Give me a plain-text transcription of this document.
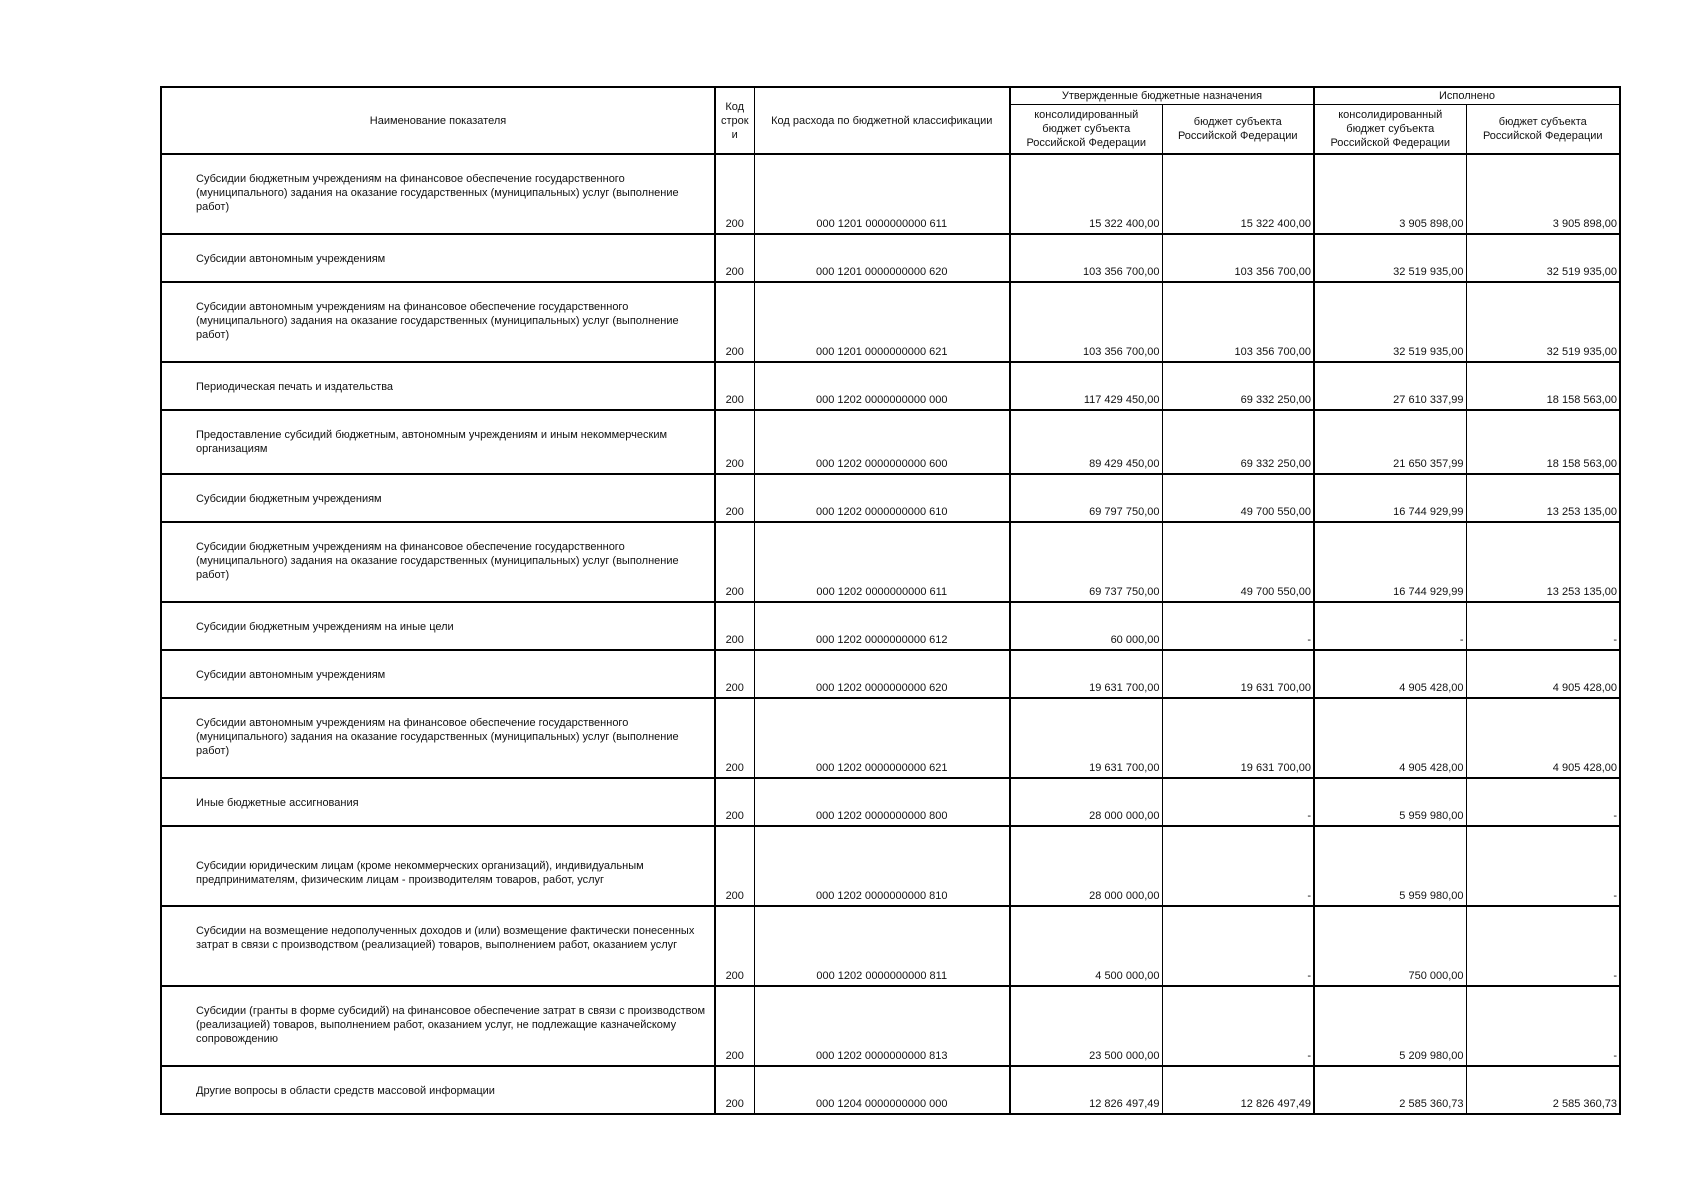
Наименование показателя	Код строк и	Код расхода по бюджетной классификации	Утвержденные бюджетные назначения		Исполнено	
			консолидированный бюджет субъекта Российской Федерации	бюджет субъекта Российской Федерации	консолидированный бюджет субъекта Российской Федерации	бюджет субъекта Российской Федерации
Субсидии бюджетным учреждениям на финансовое обеспечение государственного (муниципального) задания на оказание государственных (муниципальных) услуг (выполнение работ)	200	000 1201 0000000000 611	15 322 400,00	15 322 400,00	3 905 898,00	3 905 898,00
Субсидии автономным учреждениям	200	000 1201 0000000000 620	103 356 700,00	103 356 700,00	32 519 935,00	32 519 935,00
Субсидии автономным учреждениям на финансовое обеспечение государственного (муниципального) задания на оказание государственных (муниципальных) услуг (выполнение работ)	200	000 1201 0000000000 621	103 356 700,00	103 356 700,00	32 519 935,00	32 519 935,00
Периодическая печать и издательства	200	000 1202 0000000000 000	117 429 450,00	69 332 250,00	27 610 337,99	18 158 563,00
Предоставление субсидий бюджетным, автономным учреждениям и иным некоммерческим организациям	200	000 1202 0000000000 600	89 429 450,00	69 332 250,00	21 650 357,99	18 158 563,00
Субсидии бюджетным учреждениям	200	000 1202 0000000000 610	69 797 750,00	49 700 550,00	16 744 929,99	13 253 135,00
Субсидии бюджетным учреждениям на финансовое обеспечение государственного (муниципального) задания на оказание государственных (муниципальных) услуг (выполнение работ)	200	000 1202 0000000000 611	69 737 750,00	49 700 550,00	16 744 929,99	13 253 135,00
Субсидии бюджетным учреждениям на иные цели	200	000 1202 0000000000 612	60 000,00	-	-	-
Субсидии автономным учреждениям	200	000 1202 0000000000 620	19 631 700,00	19 631 700,00	4 905 428,00	4 905 428,00
Субсидии автономным учреждениям на финансовое обеспечение государственного (муниципального) задания на оказание государственных (муниципальных) услуг (выполнение работ)	200	000 1202 0000000000 621	19 631 700,00	19 631 700,00	4 905 428,00	4 905 428,00
Иные бюджетные ассигнования	200	000 1202 0000000000 800	28 000 000,00	-	5 959 980,00	-
Субсидии юридическим лицам (кроме некоммерческих организаций), индивидуальным предпринимателям, физическим лицам - производителям товаров, работ, услуг	200	000 1202 0000000000 810	28 000 000,00	-	5 959 980,00	-
Субсидии на возмещение недополученных доходов и (или) возмещение фактически понесенных затрат в связи с производством (реализацией) товаров, выполнением работ, оказанием услуг	200	000 1202 0000000000 811	4 500 000,00	-	750 000,00	-
Субсидии (гранты в форме субсидий) на финансовое обеспечение затрат в связи с производством (реализацией) товаров, выполнением работ, оказанием услуг, не подлежащие казначейскому сопровождению	200	000 1202 0000000000 813	23 500 000,00	-	5 209 980,00	-
Другие вопросы в области средств массовой информации	200	000 1204 0000000000 000	12 826 497,49	12 826 497,49	2 585 360,73	2 585 360,73
